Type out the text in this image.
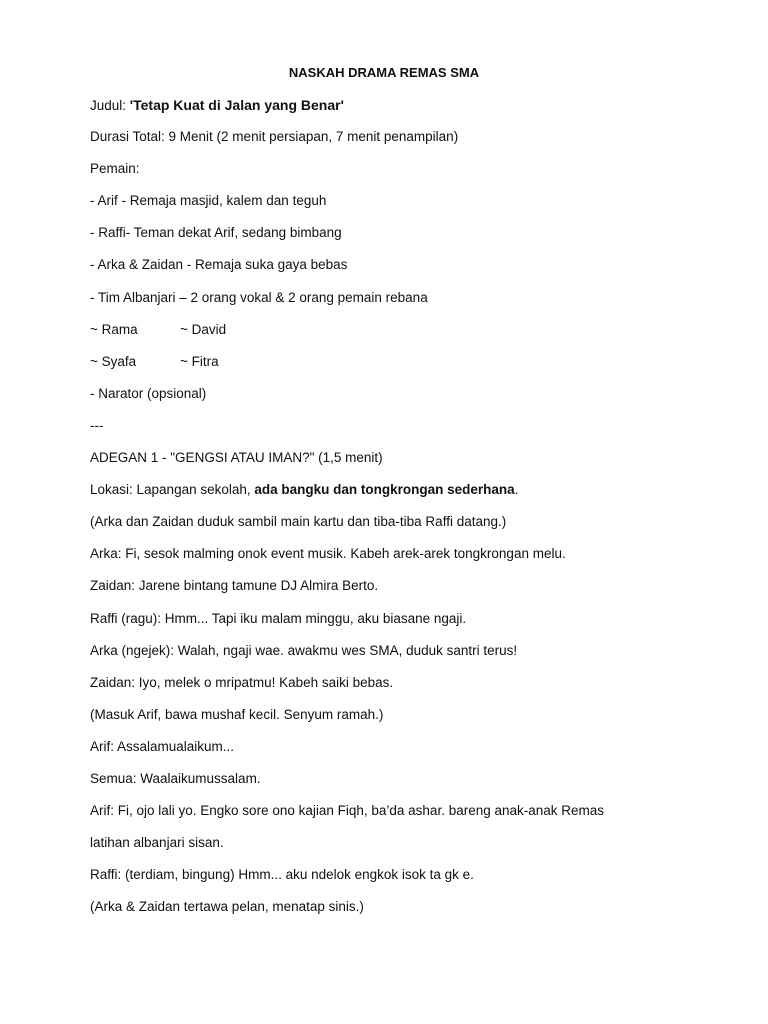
NASKAH DRAMA REMAS SMA
Judul: 'Tetap Kuat di Jalan yang Benar'
Durasi Total: 9 Menit (2 menit persiapan, 7 menit penampilan)
Pemain:
- Arif - Remaja masjid, kalem dan teguh
- Raffi- Teman dekat Arif, sedang bimbang
- Arka & Zaidan - Remaja suka gaya bebas
- Tim Albanjari – 2 orang vokal & 2 orang pemain rebana
~ Rama	~ David
~ Syafa	~ Fitra
- Narator (opsional)
---
ADEGAN 1 - "GENGSI ATAU IMAN?" (1,5 menit)
Lokasi: Lapangan sekolah, ada bangku dan tongkrongan sederhana.
(Arka dan Zaidan duduk sambil main kartu dan tiba-tiba Raffi datang.)
Arka: Fi, sesok malming onok event musik. Kabeh arek-arek tongkrongan melu.
Zaidan: Jarene bintang tamune DJ Almira Berto.
Raffi (ragu): Hmm... Tapi iku malam minggu, aku biasane ngaji.
Arka (ngejek): Walah, ngaji wae. awakmu wes SMA, duduk santri terus!
Zaidan: Iyo, melek o mripatmu! Kabeh saiki bebas.
(Masuk Arif, bawa mushaf kecil. Senyum ramah.)
Arif: Assalamualaikum...
Semua: Waalaikumussalam.
Arif: Fi, ojo lali yo. Engko sore ono kajian Fiqh, ba’da ashar. bareng anak-anak Remas
latihan albanjari sisan.
Raffi: (terdiam, bingung) Hmm... aku ndelok engkok isok ta gk e.
(Arka & Zaidan tertawa pelan, menatap sinis.)
